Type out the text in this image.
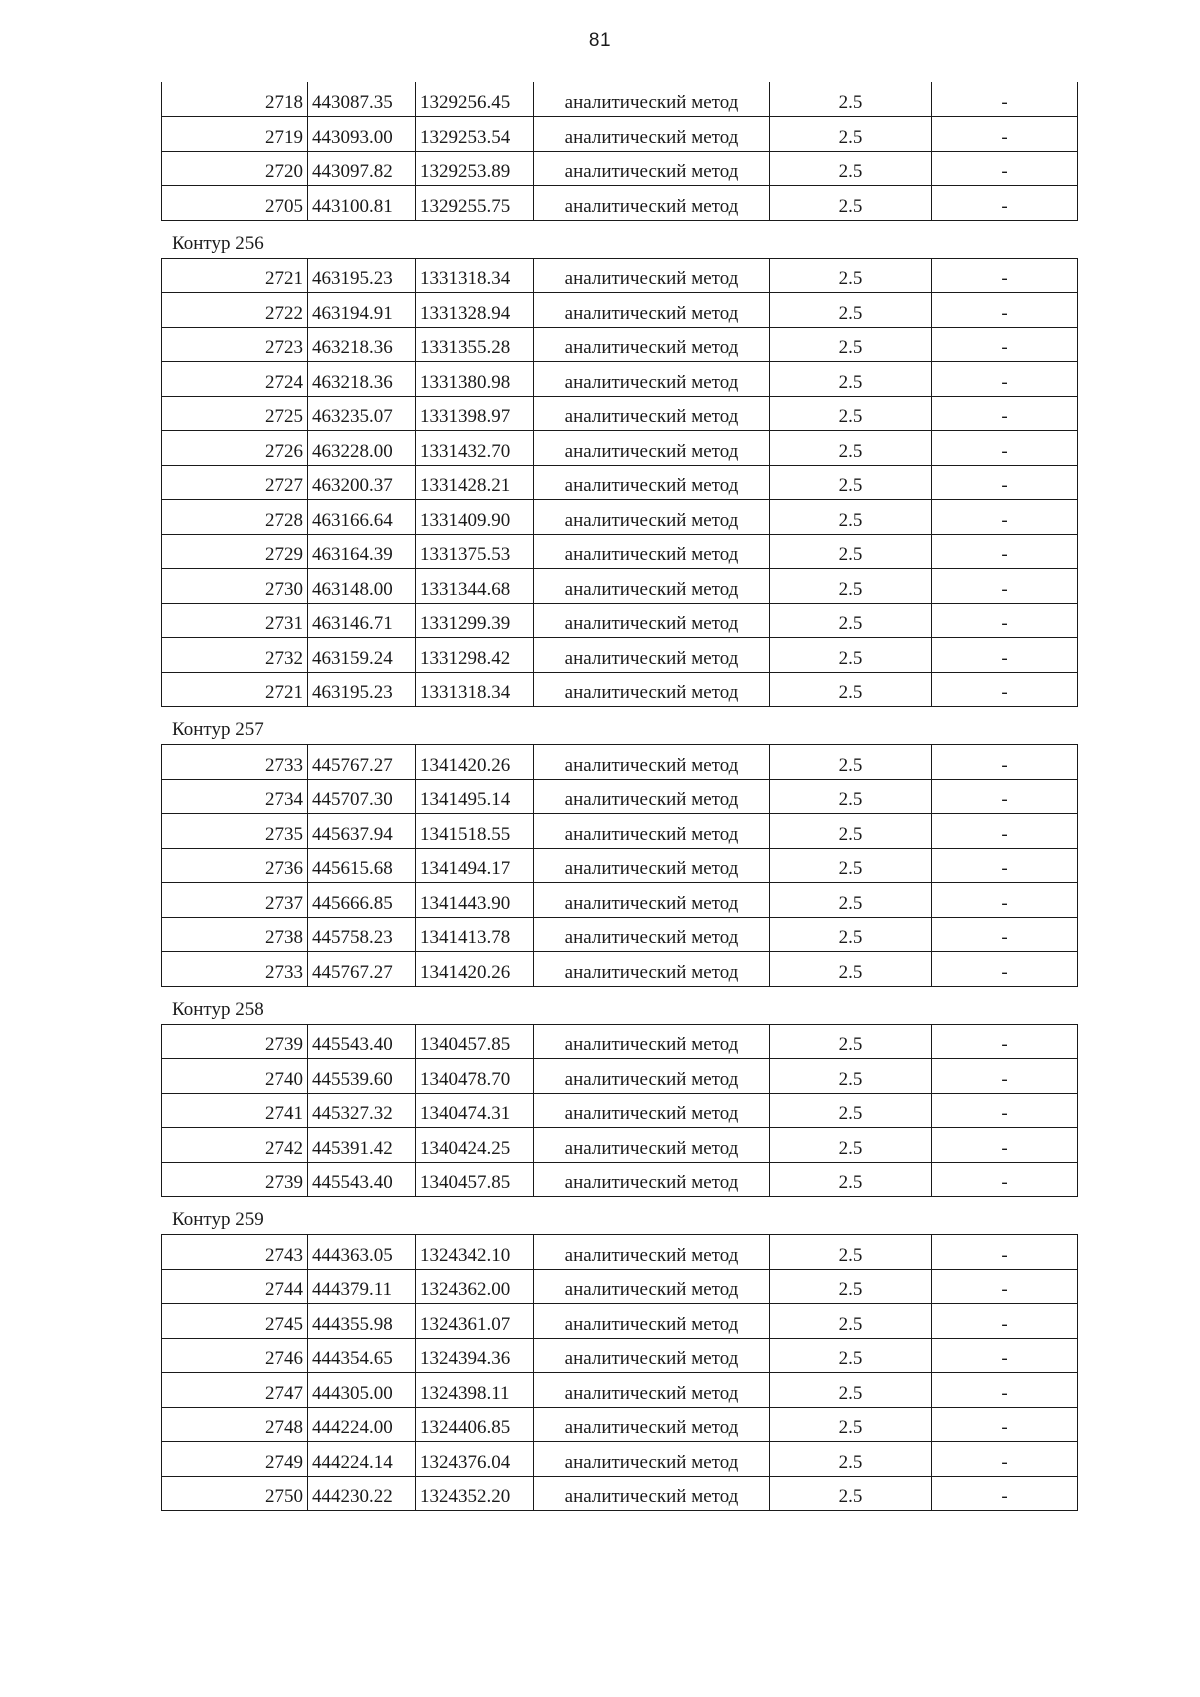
81
2718	443087.35	1329256.45	аналитический метод	2.5	-
2719	443093.00	1329253.54	аналитический метод	2.5	-
2720	443097.82	1329253.89	аналитический метод	2.5	-
2705	443100.81	1329255.75	аналитический метод	2.5	-
Контур 256
2721	463195.23	1331318.34	аналитический метод	2.5	-
2722	463194.91	1331328.94	аналитический метод	2.5	-
2723	463218.36	1331355.28	аналитический метод	2.5	-
2724	463218.36	1331380.98	аналитический метод	2.5	-
2725	463235.07	1331398.97	аналитический метод	2.5	-
2726	463228.00	1331432.70	аналитический метод	2.5	-
2727	463200.37	1331428.21	аналитический метод	2.5	-
2728	463166.64	1331409.90	аналитический метод	2.5	-
2729	463164.39	1331375.53	аналитический метод	2.5	-
2730	463148.00	1331344.68	аналитический метод	2.5	-
2731	463146.71	1331299.39	аналитический метод	2.5	-
2732	463159.24	1331298.42	аналитический метод	2.5	-
2721	463195.23	1331318.34	аналитический метод	2.5	-
Контур 257
2733	445767.27	1341420.26	аналитический метод	2.5	-
2734	445707.30	1341495.14	аналитический метод	2.5	-
2735	445637.94	1341518.55	аналитический метод	2.5	-
2736	445615.68	1341494.17	аналитический метод	2.5	-
2737	445666.85	1341443.90	аналитический метод	2.5	-
2738	445758.23	1341413.78	аналитический метод	2.5	-
2733	445767.27	1341420.26	аналитический метод	2.5	-
Контур 258
2739	445543.40	1340457.85	аналитический метод	2.5	-
2740	445539.60	1340478.70	аналитический метод	2.5	-
2741	445327.32	1340474.31	аналитический метод	2.5	-
2742	445391.42	1340424.25	аналитический метод	2.5	-
2739	445543.40	1340457.85	аналитический метод	2.5	-
Контур 259
2743	444363.05	1324342.10	аналитический метод	2.5	-
2744	444379.11	1324362.00	аналитический метод	2.5	-
2745	444355.98	1324361.07	аналитический метод	2.5	-
2746	444354.65	1324394.36	аналитический метод	2.5	-
2747	444305.00	1324398.11	аналитический метод	2.5	-
2748	444224.00	1324406.85	аналитический метод	2.5	-
2749	444224.14	1324376.04	аналитический метод	2.5	-
2750	444230.22	1324352.20	аналитический метод	2.5	-
